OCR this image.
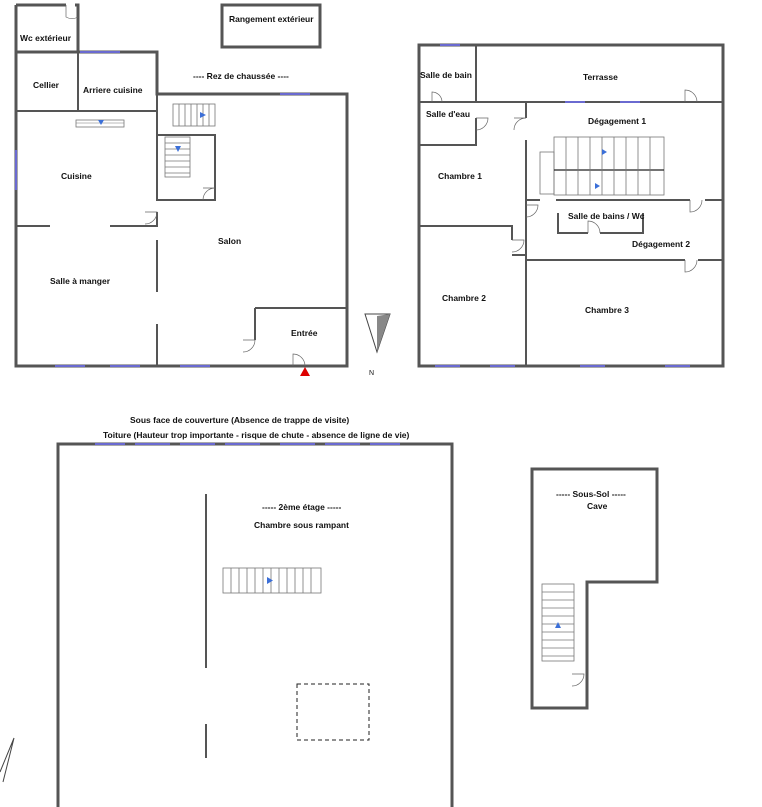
Wc extérieur
Rangement extérieur
Cellier	Arriere cuisine
---- Rez de chaussée ----
Cuisine
Salon
Salle à manger
Entrée
N
Salle de bain	Terrasse
Salle d'eau
Dégagement 1
Chambre 1
Salle de bains / Wc
Dégagement 2
Chambre 2
Chambre 3
Sous face de couverture (Absence de trappe de visite)
Toiture (Hauteur trop importante - risque de chute - absence de ligne de vie)
----- 2ème étage -----
Chambre sous rampant
----- Sous-Sol -----
Cave
